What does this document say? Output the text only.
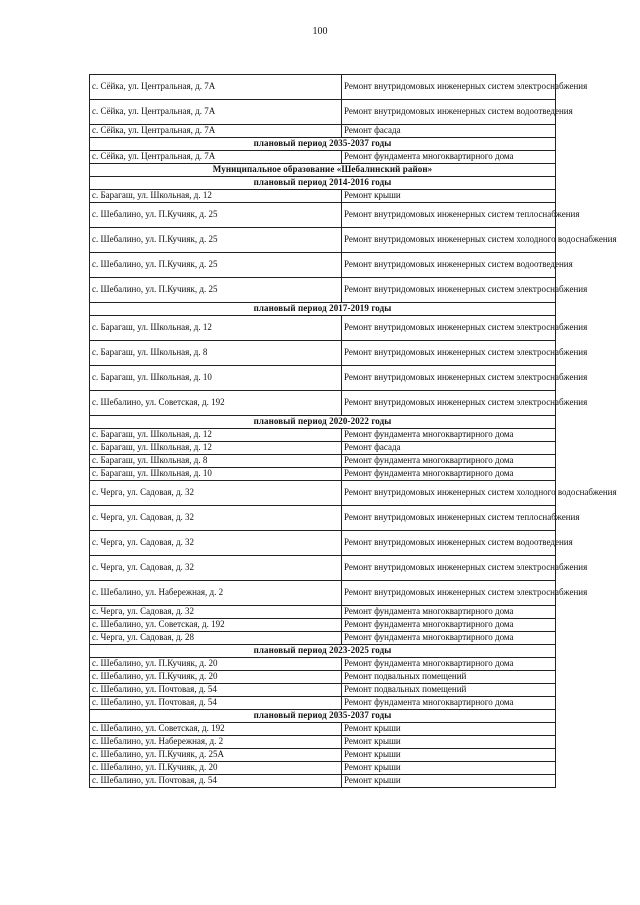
100
с. Сёйка, ул. Центральная, д. 7А	Ремонт внутридомовых инженерных систем электроснабжения
с. Сёйка, ул. Центральная, д. 7А	Ремонт внутридомовых инженерных систем водоотведения
с. Сёйка, ул. Центральная, д. 7А	Ремонт фасада
плановый период 2035-2037 годы	
с. Сёйка, ул. Центральная, д. 7А	Ремонт фундамента многоквартирного дома
Муниципальное образование «Шебалинский район»	
плановый период 2014-2016 годы	
с. Барагаш, ул. Школьная, д. 12	Ремонт крыши
с. Шебалино, ул. П.Кучияк, д. 25	Ремонт внутридомовых инженерных систем теплоснабжения
с. Шебалино, ул. П.Кучияк, д. 25	Ремонт внутридомовых инженерных систем холодного водоснабжения
с. Шебалино, ул. П.Кучияк, д. 25	Ремонт внутридомовых инженерных систем водоотведения
с. Шебалино, ул. П.Кучияк, д. 25	Ремонт внутридомовых инженерных систем электроснабжения
плановый период 2017-2019 годы	
с. Барагаш, ул. Школьная, д. 12	Ремонт внутридомовых инженерных систем электроснабжения
с. Барагаш, ул. Школьная, д. 8	Ремонт внутридомовых инженерных систем электроснабжения
с. Барагаш, ул. Школьная, д. 10	Ремонт внутридомовых инженерных систем электроснабжения
с. Шебалино, ул. Советская, д. 192	Ремонт внутридомовых инженерных систем электроснабжения
плановый период 2020-2022 годы	
с. Барагаш, ул. Школьная, д. 12	Ремонт фундамента многоквартирного дома
с. Барагаш, ул. Школьная, д. 12	Ремонт фасада
с. Барагаш, ул. Школьная, д. 8	Ремонт фундамента многоквартирного дома
с. Барагаш, ул. Школьная, д. 10	Ремонт фундамента многоквартирного дома
с. Черга, ул. Садовая, д. 32	Ремонт внутридомовых инженерных систем холодного водоснабжения
с. Черга, ул. Садовая, д. 32	Ремонт внутридомовых инженерных систем теплоснабжения
с. Черга, ул. Садовая, д. 32	Ремонт внутридомовых инженерных систем водоотведения
с. Черга, ул. Садовая, д. 32	Ремонт внутридомовых инженерных систем электроснабжения
с. Шебалино, ул. Набережная, д. 2	Ремонт внутридомовых инженерных систем электроснабжения
с. Черга, ул. Садовая, д. 32	Ремонт фундамента многоквартирного дома
с. Шебалино, ул. Советская, д. 192	Ремонт фундамента многоквартирного дома
с. Черга, ул. Садовая, д. 28	Ремонт фундамента многоквартирного дома
плановый период 2023-2025 годы	
с. Шебалино, ул. П.Кучияк, д. 20	Ремонт фундамента многоквартирного дома
с. Шебалино, ул. П.Кучияк, д. 20	Ремонт подвальных помещений
с. Шебалино, ул. Почтовая, д. 54	Ремонт подвальных помещений
с. Шебалино, ул. Почтовая, д. 54	Ремонт фундамента многоквартирного дома
плановый период 2035-2037 годы	
с. Шебалино, ул. Советская, д. 192	Ремонт крыши
с. Шебалино, ул. Набережная, д. 2	Ремонт крыши
с. Шебалино, ул. П.Кучияк, д. 25А	Ремонт крыши
с. Шебалино, ул. П.Кучияк, д. 20	Ремонт крыши
с. Шебалино, ул. Почтовая, д. 54	Ремонт крыши
